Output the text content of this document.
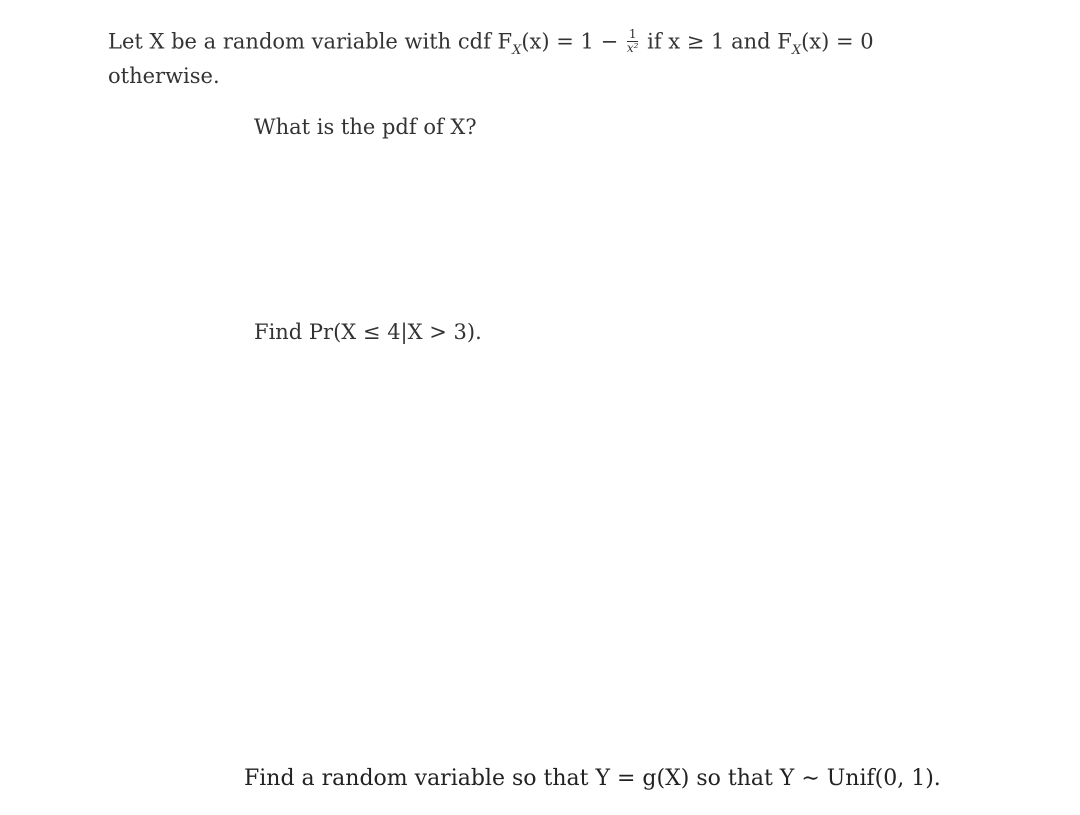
Let X be a random variable with cdf $F_X(x) = 1 - \frac{1}{\text{x²}}$ if x ≥ 1 and $F_X(x) = 0$
otherwise.
What is the pdf of X?
Find Pr(X ≤ 4|X > 3).
Find a random variable so that Y = g(X) so that Y ∼ Unif(0, 1).
